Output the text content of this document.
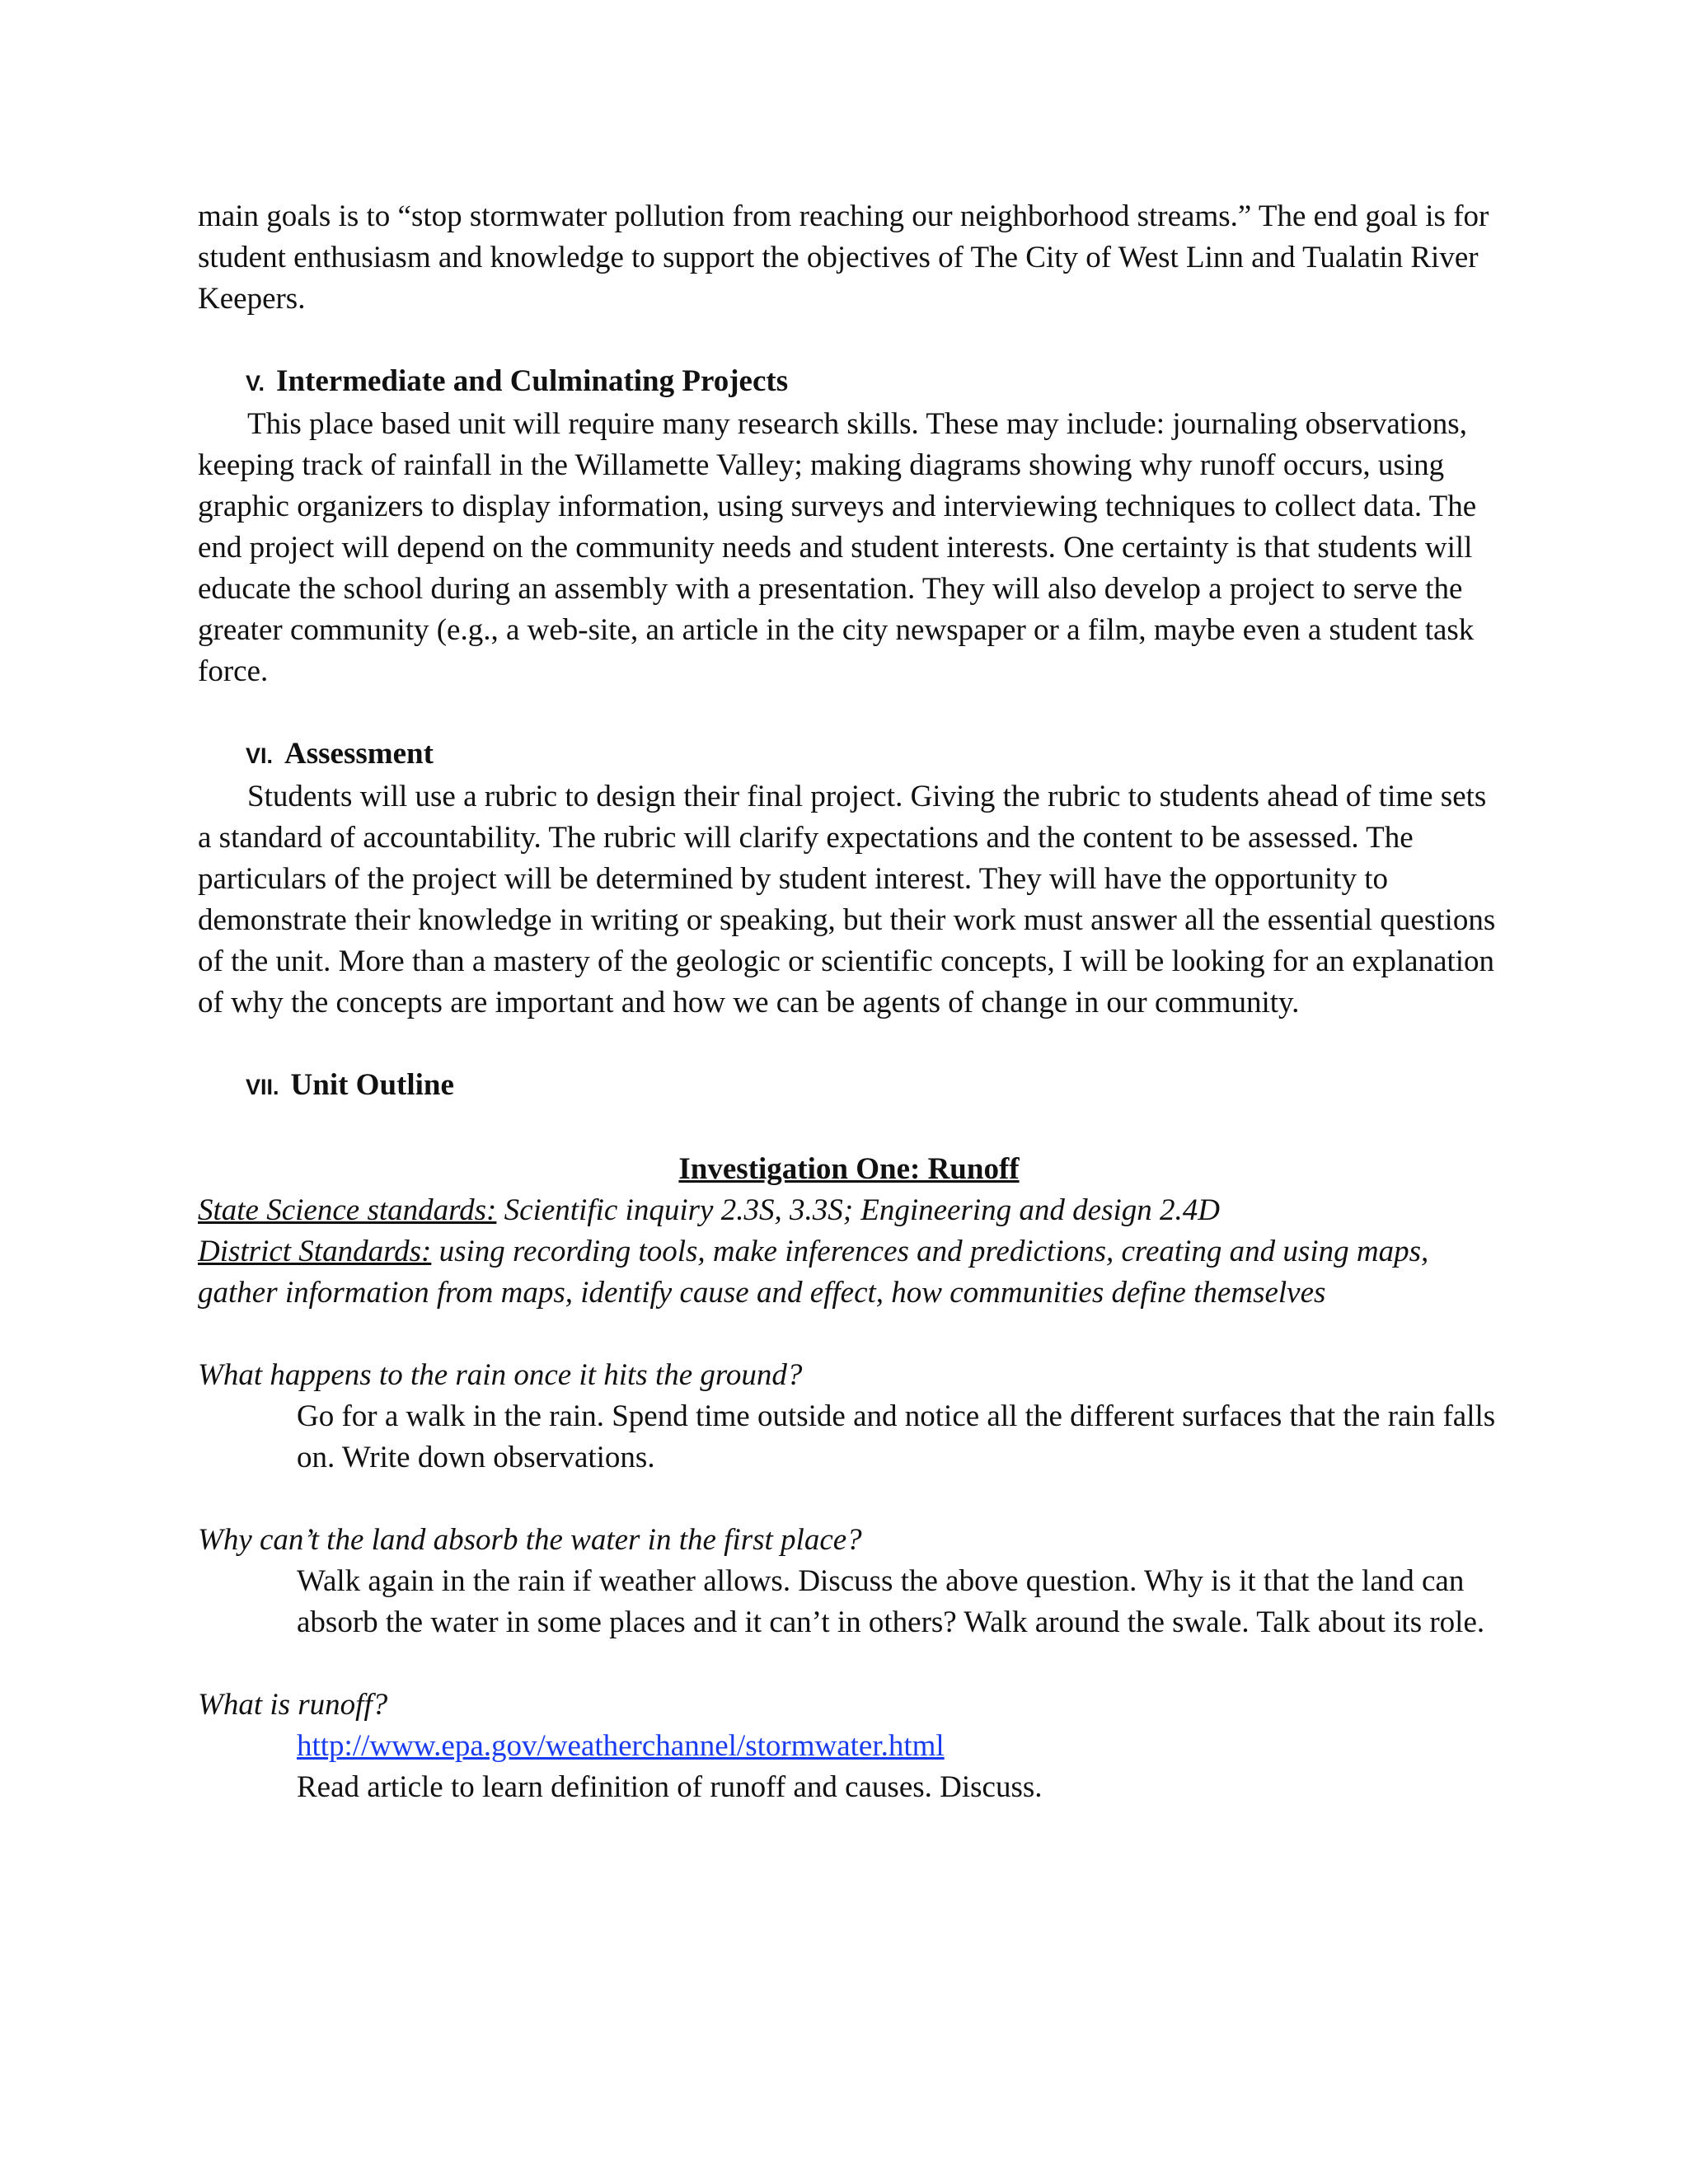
main goals is to “stop stormwater pollution from reaching our neighborhood streams.” The end goal is for student enthusiasm and knowledge to support the objectives of The City of West Linn and Tualatin River Keepers.

V. Intermediate and Culminating Projects

This place based unit will require many research skills. These may include: journaling observations, keeping track of rainfall in the Willamette Valley; making diagrams showing why runoff occurs, using graphic organizers to display information, using surveys and interviewing techniques to collect data. The end project will depend on the community needs and student interests. One certainty is that students will educate the school during an assembly with a presentation. They will also develop a project to serve the greater community (e.g., a web-site, an article in the city newspaper or a film, maybe even a student task force.

VI. Assessment

Students will use a rubric to design their final project. Giving the rubric to students ahead of time sets a standard of accountability. The rubric will clarify expectations and the content to be assessed. The particulars of the project will be determined by student interest. They will have the opportunity to demonstrate their knowledge in writing or speaking, but their work must answer all the essential questions of the unit. More than a mastery of the geologic or scientific concepts, I will be looking for an explanation of why the concepts are important and how we can be agents of change in our community.

VII. Unit Outline

Investigation One: Runoff

State Science standards: Scientific inquiry 2.3S, 3.3S; Engineering and design 2.4D

District Standards: using recording tools, make inferences and predictions, creating and using maps, gather information from maps, identify cause and effect, how communities define themselves

What happens to the rain once it hits the ground?

Go for a walk in the rain. Spend time outside and notice all the different surfaces that the rain falls on. Write down observations.

Why can’t the land absorb the water in the first place?

Walk again in the rain if weather allows. Discuss the above question. Why is it that the land can absorb the water in some places and it can’t in others? Walk around the swale. Talk about its role.

What is runoff?

http://www.epa.gov/weatherchannel/stormwater.html

Read article to learn definition of runoff and causes. Discuss.
